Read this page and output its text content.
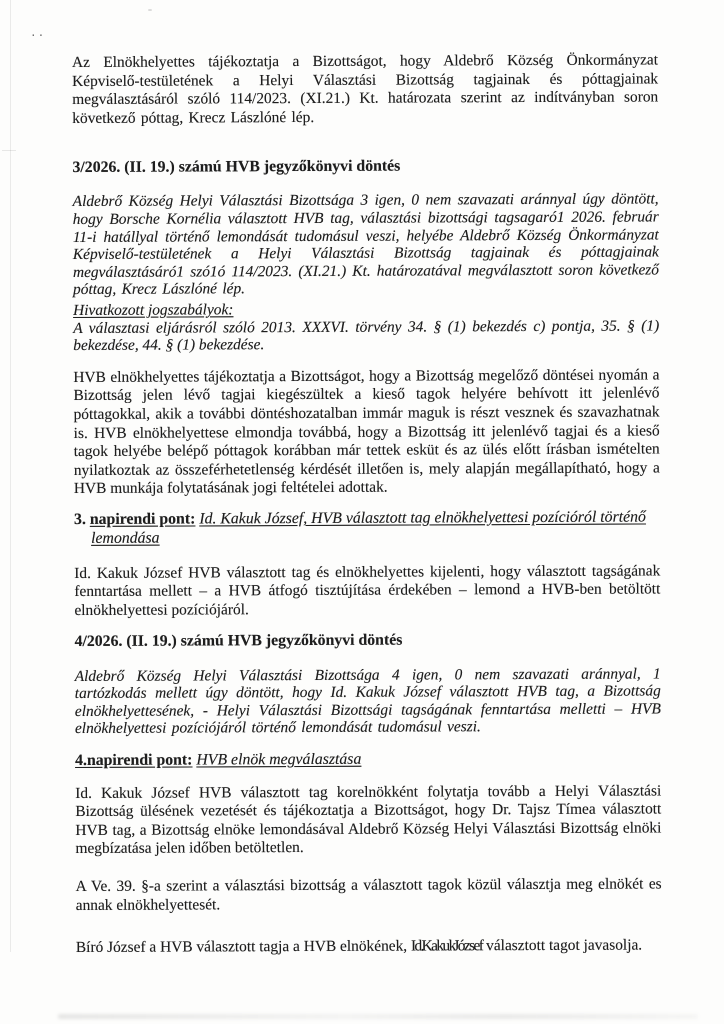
..

Az Elnökhelyettes tájékoztatja a Bizottságot, hogy Aldebrő Község Önkormányzat Képviselő-testületének a Helyi Választási Bizottság tagjainak és póttagjainak megválasztásáról szóló 114/2023. (XI.21.) Kt. határozata szerint az indítványban soron következő póttag, Krecz Lászlóné lép.

3/2026. (II. 19.) számú HVB jegyzőkönyvi döntés

Aldebrő Község Helyi Választási Bizottsága 3 igen, 0 nem szavazati aránnyal úgy döntött, hogy Borsche Kornélia választott HVB tag, választási bizottsági tagsagaró1 2026. február 11-i hatállyal történő lemondását tudomásul veszi, helyébe Aldebrő Község Önkormányzat Képviselő-testületének a Helyi Választási Bizottság tagjainak és póttagjainak megválasztásáró1 szó1ó 114/2023. (XI.21.) Kt. határozatával megválasztott soron következő póttag, Krecz Lászlóné lép.

Hivatkozott jogszabályok:
A választasi eljárásról szóló 2013. XXXVI. törvény 34. § (1) bekezdés c) pontja, 35. § (1) bekezdése, 44. § (1) bekezdése.

HVB elnökhelyettes tájékoztatja a Bizottságot, hogy a Bizottság megelőző döntései nyomán a Bizottság jelen lévő tagjai kiegészültek a kieső tagok helyére behívott itt jelenlévő póttagokkal, akik a további döntéshozatalban immár maguk is részt vesznek és szavazhatnak is. HVB elnökhelyettese elmondja továbbá, hogy a Bizottság itt jelenlévő tagjai és a kieső tagok helyébe belépő póttagok korábban már tettek esküt és az ülés előtt írásban ismételten nyilatkoztak az összeférhetetlenség kérdését illetően is, mely alapján megállapítható, hogy a HVB munkája folytatásának jogi feltételei adottak.

3. napirendi pont: Id. Kakuk József, HVB választott tag elnökhelyettesi pozícióról történő lemondása

Id. Kakuk József HVB választott tag és elnökhelyettes kijelenti, hogy választott tagságának fenntartása mellett – a HVB átfogó tisztújítása érdekében – lemond a HVB-ben betöltött elnökhelyettesi pozíciójáról.

4/2026. (II. 19.) számú HVB jegyzőkönyvi döntés

Aldebrő Község Helyi Választási Bizottsága 4 igen, 0 nem szavazati aránnyal, 1 tartózkodás mellett úgy döntött, hogy Id. Kakuk József választott HVB tag, a Bizottság elnökhelyettesének, - Helyi Választási Bizottsági tagságának fenntartása melletti – HVB elnökhelyettesi pozíciójáról történő lemondását tudomásul veszi.

4.napirendi pont: HVB elnök megválasztása

Id. Kakuk József HVB választott tag korelnökként folytatja tovább a Helyi Választási Bizottság ülésének vezetését és tájékoztatja a Bizottságot, hogy Dr. Tajsz Tímea választott HVB tag, a Bizottság elnöke lemondásával Aldebrő Község Helyi Választási Bizottság elnöki megbízatása jelen időben betöltetlen.

A Ve. 39. §-a szerint a választási bizottság a választott tagok közül választja meg elnökét es annak elnökhelyettesét.

Bíró József a HVB választott tagja a HVB elnökének, Id. Kakuk József választott tagot javasolja.
